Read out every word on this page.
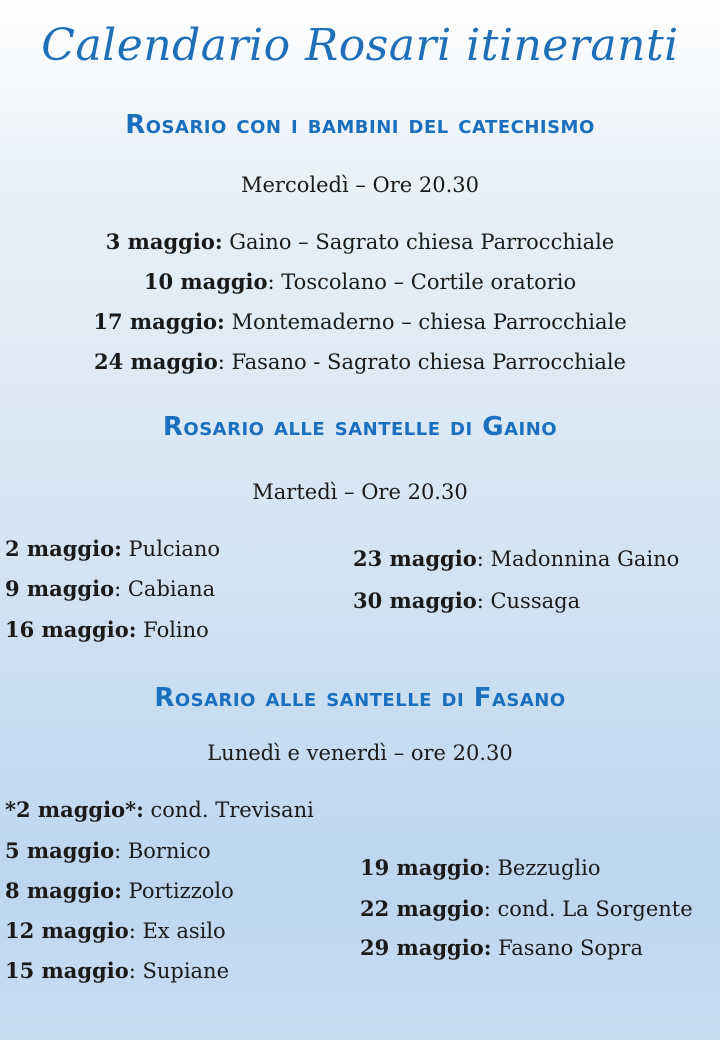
Calendario Rosari itineranti
Rosario con i bambini del catechismo
Mercoledì – Ore 20.30
3 maggio: Gaino – Sagrato chiesa Parrocchiale
10 maggio: Toscolano – Cortile oratorio
17 maggio: Montemaderno – chiesa Parrocchiale
24 maggio: Fasano - Sagrato chiesa Parrocchiale
Rosario alle santelle di Gaino
Martedì – Ore 20.30
2 maggio: Pulciano
9 maggio: Cabiana
16 maggio: Folino
23 maggio: Madonnina Gaino
30 maggio: Cussaga
Rosario alle santelle di Fasano
Lunedì e venerdì – ore 20.30
*2 maggio*: cond. Trevisani
5 maggio: Bornico
8 maggio: Portizzolo
12 maggio: Ex asilo
15 maggio: Supiane
19 maggio: Bezzuglio
22 maggio: cond. La Sorgente
29 maggio: Fasano Sopra
